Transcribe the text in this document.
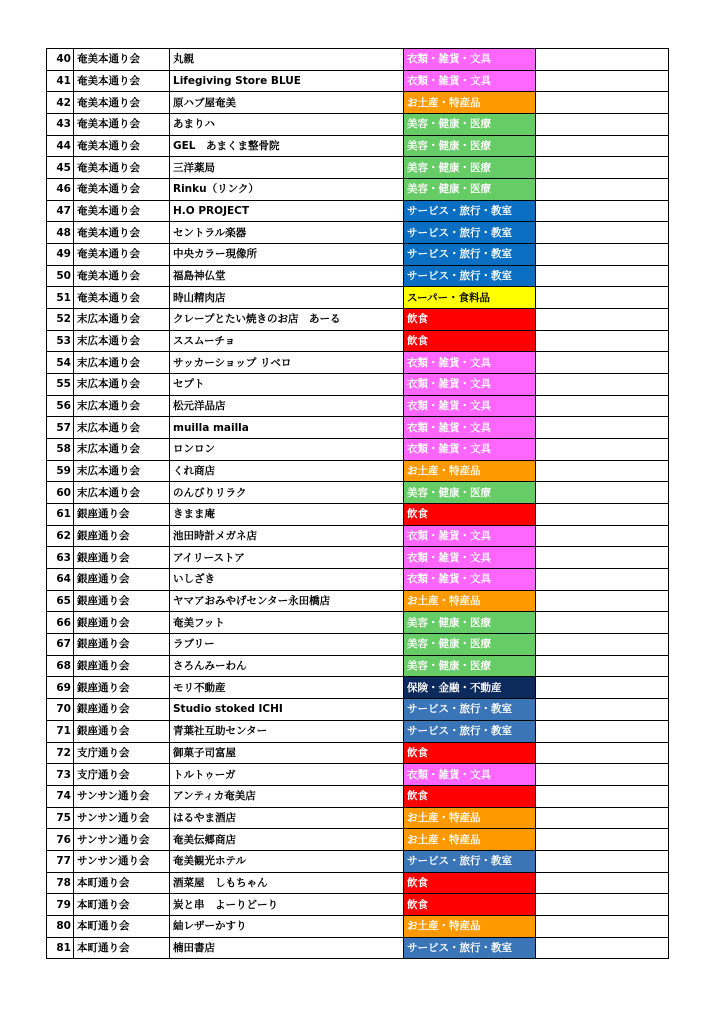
40	奄美本通り会	丸親	衣類・雑貨・文具	
41	奄美本通り会	Lifegiving Store BLUE	衣類・雑貨・文具	
42	奄美本通り会	原ハブ屋奄美	お土産・特産品	
43	奄美本通り会	あまりハ	美容・健康・医療	
44	奄美本通り会	GEL　あまくま整骨院	美容・健康・医療	
45	奄美本通り会	三洋薬局	美容・健康・医療	
46	奄美本通り会	Rinku（リンク）	美容・健康・医療	
47	奄美本通り会	H.O PROJECT	サービス・旅行・教室	
48	奄美本通り会	セントラル楽器	サービス・旅行・教室	
49	奄美本通り会	中央カラー現像所	サービス・旅行・教室	
50	奄美本通り会	福島神仏堂	サービス・旅行・教室	
51	奄美本通り会	時山精肉店	スーパー・食料品	
52	末広本通り会	クレープとたい焼きのお店　あーる	飲食	
53	末広本通り会	ススムーチョ	飲食	
54	末広本通り会	サッカーショップ リベロ	衣類・雑貨・文具	
55	末広本通り会	セプト	衣類・雑貨・文具	
56	末広本通り会	松元洋品店	衣類・雑貨・文具	
57	末広本通り会	muilla mailla	衣類・雑貨・文具	
58	末広本通り会	ロンロン	衣類・雑貨・文具	
59	末広本通り会	くれ商店	お土産・特産品	
60	末広本通り会	のんびりリラク	美容・健康・医療	
61	銀座通り会	きまま庵	飲食	
62	銀座通り会	池田時計メガネ店	衣類・雑貨・文具	
63	銀座通り会	アイリーストア	衣類・雑貨・文具	
64	銀座通り会	いしざき	衣類・雑貨・文具	
65	銀座通り会	ヤマアおみやげセンター永田橋店	お土産・特産品	
66	銀座通り会	奄美フット	美容・健康・医療	
67	銀座通り会	ラブリー	美容・健康・医療	
68	銀座通り会	さろんみーわん	美容・健康・医療	
69	銀座通り会	モリ不動産	保険・金融・不動産	
70	銀座通り会	Studio stoked ICHI	サービス・旅行・教室	
71	銀座通り会	青葉社互助センター	サービス・旅行・教室	
72	支庁通り会	御菓子司富屋	飲食	
73	支庁通り会	トルトゥーガ	衣類・雑貨・文具	
74	サンサン通り会	アンティカ奄美店	飲食	
75	サンサン通り会	はるやま酒店	お土産・特産品	
76	サンサン通り会	奄美伝郷商店	お土産・特産品	
77	サンサン通り会	奄美観光ホテル	サービス・旅行・教室	
78	本町通り会	酒菜屋　しもちゃん	飲食	
79	本町通り会	炭と串　よーりどーり	飲食	
80	本町通り会	紬レザーかすり	お土産・特産品	
81	本町通り会	楠田書店	サービス・旅行・教室	
